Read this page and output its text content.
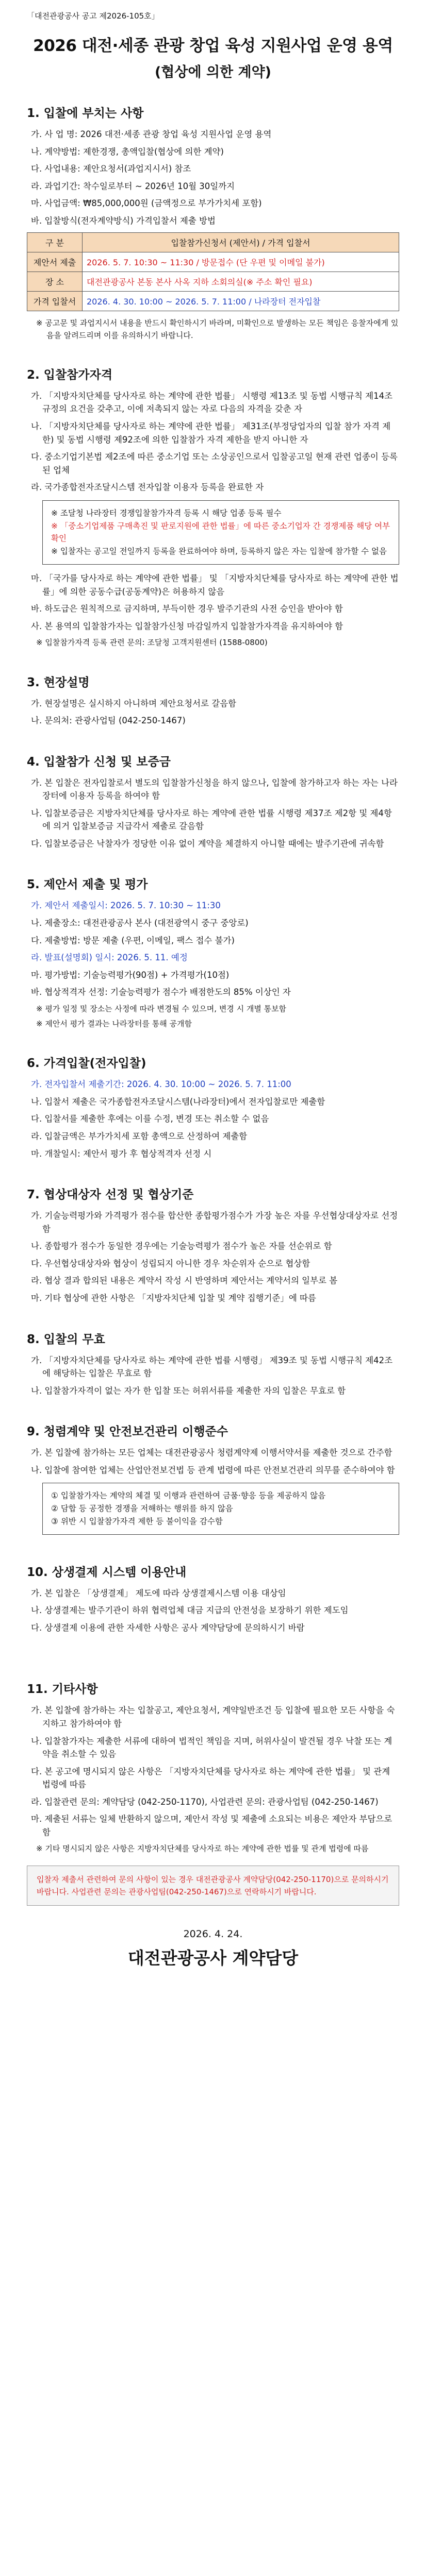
「대전관광공사 공고 제2026-105호」

2026 대전·세종 관광 창업 육성 지원사업 운영 용역
(협상에 의한 계약)
1. 입찰에 부치는 사항

가. 사 업 명: 2026 대전·세종 관광 창업 육성 지원사업 운영 용역

나. 계약방법: 제한경쟁, 총액입찰(협상에 의한 계약)

다. 사업내용: 제안요청서(과업지시서) 참조

라. 과업기간: 착수일로부터 ~ 2026년 10월 30일까지

마. 사업금액: ₩85,000,000원 (금액정으로 부가가치세 포함)

바. 입찰방식(전자계약방식) 가격입찰서 제출 방법

구 분	입찰참가신청서 (제안서) / 가격 입찰서
제안서 제출	2026. 5. 7. 10:30 ~ 11:30 / 방문접수 (단 우편 및 이메일 불가)
장 소	대전관광공사 본동 본사 사옥 지하 소회의실(※ 주소 확인 필요)
가격 입찰서	2026. 4. 30. 10:00 ~ 2026. 5. 7. 11:00 / 나라장터 전자입찰

※ 공고문 및 과업지시서 내용을 반드시 확인하시기 바라며, 미확인으로 발생하는 모든 책임은 응찰자에게 있음을 알려드리며 이를 유의하시기 바랍니다.

2. 입찰참가자격

가. 「지방자치단체를 당사자로 하는 계약에 관한 법률」 시행령 제13조 및 동법 시행규칙 제14조 규정의 요건을 갖추고, 이에 저촉되지 않는 자로 다음의 자격을 갖춘 자

나. 「지방자치단체를 당사자로 하는 계약에 관한 법률」 제31조(부정당업자의 입찰 참가 자격 제한) 및 동법 시행령 제92조에 의한 입찰참가 자격 제한을 받지 아니한 자

다. 중소기업기본법 제2조에 따른 중소기업 또는 소상공인으로서 입찰공고일 현재 관련 업종이 등록된 업체

라. 국가종합전자조달시스템 전자입찰 이용자 등록을 완료한 자

※ 조달청 나라장터 경쟁입찰참가자격 등록 시 해당 업종 등록 필수
※ 「중소기업제품 구매촉진 및 판로지원에 관한 법률」에 따른 중소기업자 간 경쟁제품 해당 여부 확인
※ 입찰자는 공고일 전일까지 등록을 완료하여야 하며, 등록하지 않은 자는 입찰에 참가할 수 없음

마. 「국가를 당사자로 하는 계약에 관한 법률」 및 「지방자치단체를 당사자로 하는 계약에 관한 법률」에 의한 공동수급(공동계약)은 허용하지 않음

바. 하도급은 원칙적으로 금지하며, 부득이한 경우 발주기관의 사전 승인을 받아야 함

사. 본 용역의 입찰참가자는 입찰참가신청 마감일까지 입찰참가자격을 유지하여야 함

※ 입찰참가자격 등록 관련 문의: 조달청 고객지원센터 (1588-0800)

3. 현장설명

가. 현장설명은 실시하지 아니하며 제안요청서로 갈음함

나. 문의처: 관광사업팀 (042-250-1467)

4. 입찰참가 신청 및 보증금

가. 본 입찰은 전자입찰로서 별도의 입찰참가신청을 하지 않으나, 입찰에 참가하고자 하는 자는 나라장터에 이용자 등록을 하여야 함

나. 입찰보증금은 지방자치단체를 당사자로 하는 계약에 관한 법률 시행령 제37조 제2항 및 제4항에 의거 입찰보증금 지급각서 제출로 갈음함

다. 입찰보증금은 낙찰자가 정당한 이유 없이 계약을 체결하지 아니할 때에는 발주기관에 귀속함

5. 제안서 제출 및 평가

가. 제안서 제출일시: 2026. 5. 7. 10:30 ~ 11:30

나. 제출장소: 대전관광공사 본사 (대전광역시 중구 중앙로)

다. 제출방법: 방문 제출 (우편, 이메일, 팩스 접수 불가)

라. 발표(설명회) 일시: 2026. 5. 11. 예정

마. 평가방법: 기술능력평가(90점) + 가격평가(10점)

바. 협상적격자 선정: 기술능력평가 점수가 배점한도의 85% 이상인 자

※ 평가 일정 및 장소는 사정에 따라 변경될 수 있으며, 변경 시 개별 통보함

※ 제안서 평가 결과는 나라장터를 통해 공개함

6. 가격입찰(전자입찰)

가. 전자입찰서 제출기간: 2026. 4. 30. 10:00 ~ 2026. 5. 7. 11:00

나. 입찰서 제출은 국가종합전자조달시스템(나라장터)에서 전자입찰로만 제출함

다. 입찰서를 제출한 후에는 이를 수정, 변경 또는 취소할 수 없음

라. 입찰금액은 부가가치세 포함 총액으로 산정하여 제출함

마. 개찰일시: 제안서 평가 후 협상적격자 선정 시

7. 협상대상자 선정 및 협상기준

가. 기술능력평가와 가격평가 점수를 합산한 종합평가점수가 가장 높은 자를 우선협상대상자로 선정함

나. 종합평가 점수가 동일한 경우에는 기술능력평가 점수가 높은 자를 선순위로 함

다. 우선협상대상자와 협상이 성립되지 아니한 경우 차순위자 순으로 협상함

라. 협상 결과 합의된 내용은 계약서 작성 시 반영하며 제안서는 계약서의 일부로 봄

마. 기타 협상에 관한 사항은 「지방자치단체 입찰 및 계약 집행기준」에 따름

8. 입찰의 무효

가. 「지방자치단체를 당사자로 하는 계약에 관한 법률 시행령」 제39조 및 동법 시행규칙 제42조에 해당하는 입찰은 무효로 함

나. 입찰참가자격이 없는 자가 한 입찰 또는 허위서류를 제출한 자의 입찰은 무효로 함

9. 청렴계약 및 안전보건관리 이행준수

가. 본 입찰에 참가하는 모든 업체는 대전관광공사 청렴계약제 이행서약서를 제출한 것으로 간주함

나. 입찰에 참여한 업체는 산업안전보건법 등 관계 법령에 따른 안전보건관리 의무를 준수하여야 함

① 입찰참가자는 계약의 체결 및 이행과 관련하여 금품·향응 등을 제공하지 않음
② 담합 등 공정한 경쟁을 저해하는 행위를 하지 않음
③ 위반 시 입찰참가자격 제한 등 불이익을 감수함
10. 상생결제 시스템 이용안내

가. 본 입찰은 「상생결제」 제도에 따라 상생결제시스템 이용 대상임

나. 상생결제는 발주기관이 하위 협력업체 대금 지급의 안전성을 보장하기 위한 제도임

다. 상생결제 이용에 관한 자세한 사항은 공사 계약담당에 문의하시기 바람

11. 기타사항

가. 본 입찰에 참가하는 자는 입찰공고, 제안요청서, 계약일반조건 등 입찰에 필요한 모든 사항을 숙지하고 참가하여야 함

나. 입찰참가자는 제출한 서류에 대하여 법적인 책임을 지며, 허위사실이 발견될 경우 낙찰 또는 계약을 취소할 수 있음

다. 본 공고에 명시되지 않은 사항은 「지방자치단체를 당사자로 하는 계약에 관한 법률」 및 관계 법령에 따름

라. 입찰관련 문의: 계약담당 (042-250-1170), 사업관련 문의: 관광사업팀 (042-250-1467)

마. 제출된 서류는 일체 반환하지 않으며, 제안서 작성 및 제출에 소요되는 비용은 제안자 부담으로 함

※ 기타 명시되지 않은 사항은 지방자치단체를 당사자로 하는 계약에 관한 법률 및 관계 법령에 따름

입찰자 제출서 관련하여 문의 사항이 있는 경우 대전관광공사 계약담당(042-250-1170)으로 문의하시기 바랍니다. 사업관련 문의는 관광사업팀(042-250-1467)으로 연락하시기 바랍니다.

2026. 4. 24.

대전관광공사 계약담당
